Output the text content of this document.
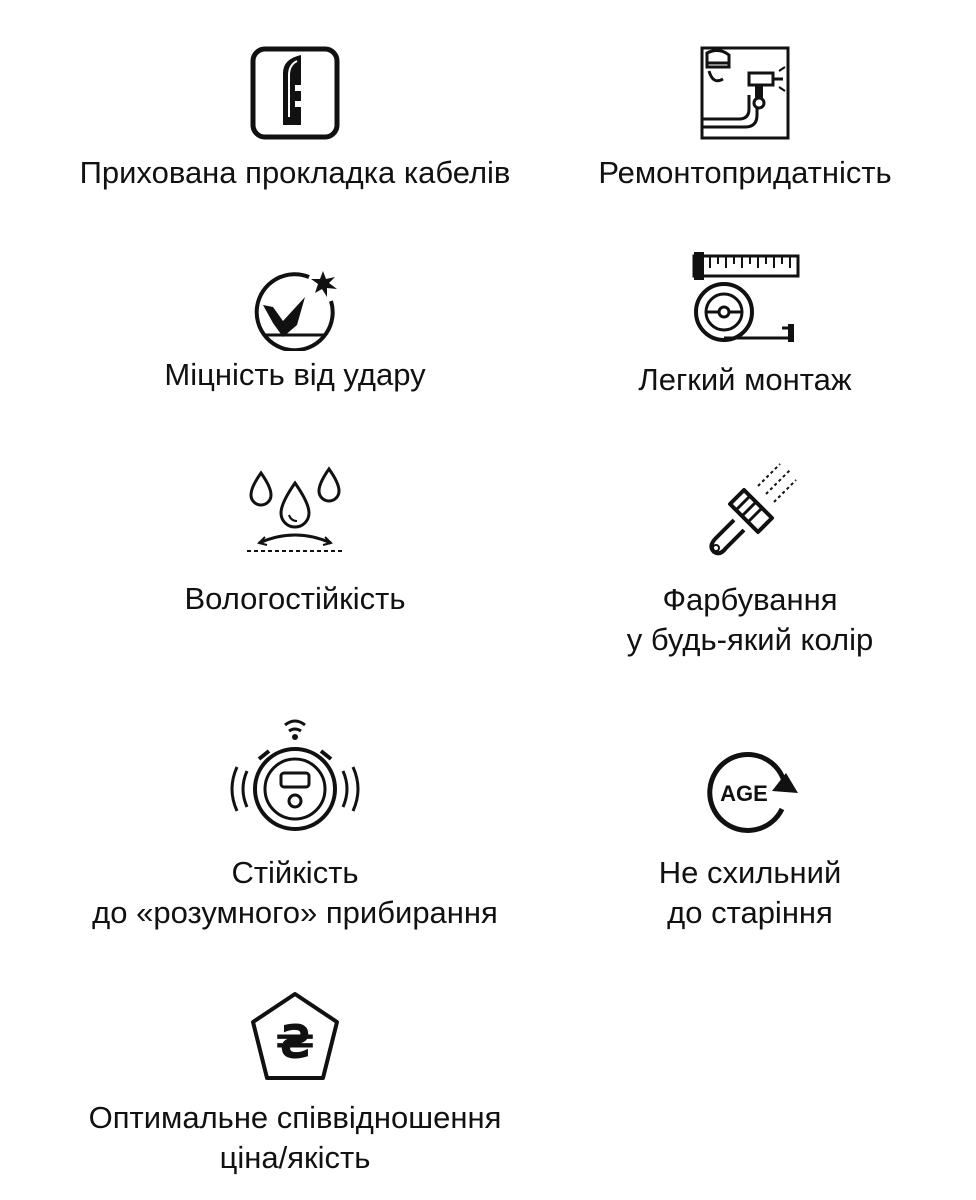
Прихована прокладка кабелів	Ремонтопридатність
Міцність від удару	Легкий монтаж
Вологостійкість	Фарбування
у будь-який колір
Стійкість
до «розумного» прибирання
AGE
Не схильний
до старіння
₴
Оптимальне співвідношення
ціна/якість
